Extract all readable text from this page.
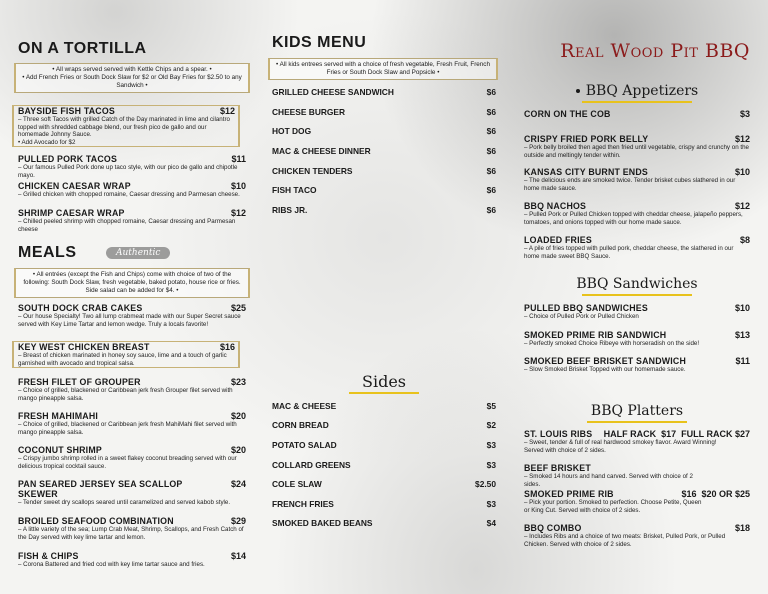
ON A TORTILLA
• All wraps served served with Kettle Chips and a spear. •
• Add French Fries or South Dock Slaw for $2 or Old Bay Fries for $2.50 to any Sandwich •
BAYSIDE FISH TACOS	$12
– Three soft Tacos with grilled Catch of the Day marinated in lime and cilantro topped with shredded cabbage blend, our fresh pico de gallo and our homemade Johnny Sauce.
• Add Avocado for $2
PULLED PORK TACOS	$11
– Our famous Pulled Pork done up taco style, with our pico de gallo and chipotle mayo.
CHICKEN CAESAR WRAP	$10
– Grilled chicken with chopped romaine, Caesar dressing and Parmesan cheese.
SHRIMP CAESAR WRAP	$12
– Chilled peeled shrimp with chopped romaine, Caesar dressing and Parmesan cheese
MEALS	Authentic
• All entrées (except the Fish and Chips) come with choice of two of the following: South Dock Slaw, fresh vegetable, baked potato, house rice or fries. Side salad can be added for $4. •
SOUTH DOCK CRAB CAKES	$25
– Our house Specialty! Two all lump crabmeat made with our Super Secret sauce served with Key Lime Tartar and lemon wedge. Truly a locals favorite!
KEY WEST CHICKEN BREAST	$16
– Breast of chicken marinated in honey soy sauce, lime and a touch of garlic garnished with avocado and tropical salsa.
FRESH FILET OF GROUPER	$23
– Choice of grilled, blackened or Caribbean jerk fresh Grouper filet served with mango pineapple salsa.
FRESH MAHIMAHI	$20
– Choice of grilled, blackened or Caribbean jerk fresh MahiMahi filet served with mango pineapple salsa.
COCONUT SHRIMP	$20
– Crispy jumbo shrimp rolled in a sweet flakey coconut breading served with our delicious tropical cocktail sauce.
PAN SEARED JERSEY SEA SCALLOP SKEWER
$24
– Tender sweet dry scallops seared until caramelized and served kabob style.
BROILED SEAFOOD COMBINATION	$29
– A little variety of the sea; Lump Crab Meat, Shrimp, Scallops, and Fresh Catch of the Day served with key lime tartar and lemon.
FISH & CHIPS	$14
– Corona Battered and fried cod with key lime tartar sauce and fries.
KIDS MENU
• All kids entrees served with a choice of fresh vegetable, Fresh Fruit, French Fries or South Dock Slaw and Popsicle •
GRILLED CHEESE SANDWICH	$6
CHEESE BURGER	$6
HOT DOG	$6
MAC & CHEESE DINNER	$6
CHICKEN TENDERS	$6
FISH TACO	$6
RIBS JR.	$6
Sides
MAC & CHEESE	$5
CORN BREAD	$2
POTATO SALAD	$3
COLLARD GREENS	$3
COLE SLAW	$2.50
FRENCH FRIES	$3
SMOKED BAKED BEANS	$4
Real Wood Pit BBQ
BBQ Appetizers
CORN ON THE COB	$3
CRISPY FRIED PORK BELLY	$12
– Pork belly broiled then aged then fried until vegetable, crispy and crunchy on the outside and meltingly tender within.
KANSAS CITY BURNT ENDS	$10
– The delicious ends are smoked twice. Tender brisket cubes slathered in our home made sauce.
BBQ NACHOS	$12
– Pulled Pork or Pulled Chicken topped with cheddar cheese, jalapeño peppers, tomatoes, and onions topped with our home made sauce.
LOADED FRIES	$8
– A pile of fries topped with pulled pork, cheddar cheese, the slathered in our home made sweet BBQ Sauce.
BBQ Sandwiches
PULLED BBQ SANDWICHES	$10
– Choice of Pulled Pork or Pulled Chicken
SMOKED PRIME RIB SANDWICH	$13
– Perfectly smoked Choice Ribeye with horseradish on the side!
SMOKED BEEF BRISKET SANDWICH	$11
– Slow Smoked Brisket Topped with our homemade sauce.
BBQ Platters
ST. LOUIS RIBS HALF RACK  $17  FULL RACK $27
– Sweet, tender & full of real hardwood smokey flavor. Award Winning! Served with choice of 2 sides.
BEEF BRISKET
– Smoked 14 hours and hand carved. Served with choice of 2 sides.
SMOKED PRIME RIB	$16  $20 OR $25
– Pick your portion. Smoked to perfection. Choose Petite, Queen or King Cut. Served with choice of 2 sides.
BBQ COMBO	$18
– Includes Ribs and a choice of two meats: Brisket, Pulled Pork, or Pulled Chicken. Served with choice of 2 sides.
